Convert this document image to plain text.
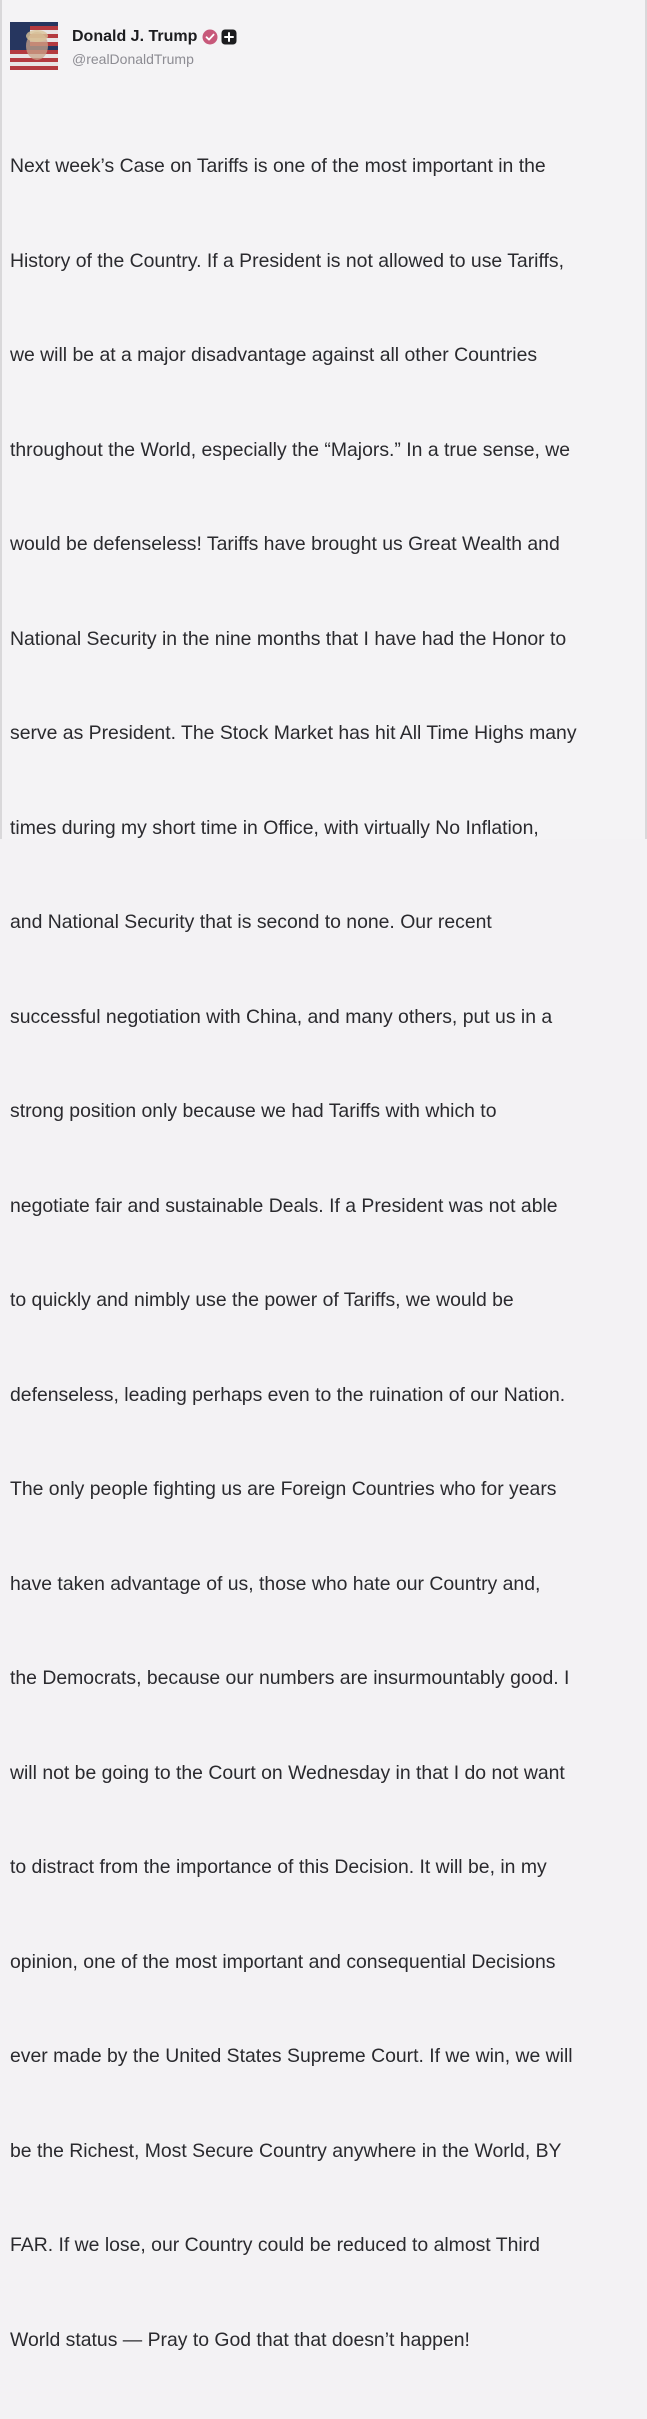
Donald J. Trump
@realDonaldTrump

Next week’s Case on Tariffs is one of the most important in the

History of the Country. If a President is not allowed to use Tariffs,

we will be at a major disadvantage against all other Countries

throughout the World, especially the “Majors.” In a true sense, we

would be defenseless! Tariffs have brought us Great Wealth and

National Security in the nine months that I have had the Honor to

serve as President. The Stock Market has hit All Time Highs many

times during my short time in Office, with virtually No Inflation,

and National Security that is second to none. Our recent

successful negotiation with China, and many others, put us in a

strong position only because we had Tariffs with which to

negotiate fair and sustainable Deals. If a President was not able

to quickly and nimbly use the power of Tariffs, we would be

defenseless, leading perhaps even to the ruination of our Nation.

The only people fighting us are Foreign Countries who for years

have taken advantage of us, those who hate our Country and,

the Democrats, because our numbers are insurmountably good. I

will not be going to the Court on Wednesday in that I do not want

to distract from the importance of this Decision. It will be, in my

opinion, one of the most important and consequential Decisions

ever made by the United States Supreme Court. If we win, we will

be the Richest, Most Secure Country anywhere in the World, BY

FAR. If we lose, our Country could be reduced to almost Third

World status — Pray to God that that doesn’t happen!
